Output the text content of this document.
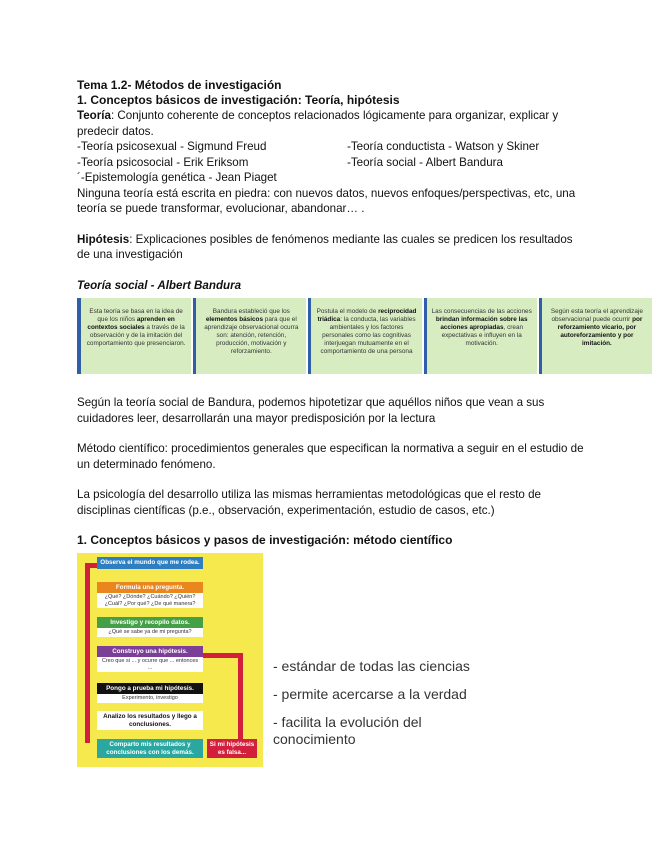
Tema 1.2- Métodos de investigación

1. Conceptos básicos de investigación: Teoría, hipótesis

Teoría: Conjunto coherente de conceptos relacionados lógicamente para organizar, explicar y predecir datos.

-Teoría psicosexual - Sigmund Freud

-Teoría psicosocial - Erik Eriksom

´-Epistemología genética - Jean Piaget

-Teoría conductista - Watson y Skiner

-Teoría social - Albert Bandura

Ninguna teoría está escrita en piedra: con nuevos datos, nuevos enfoques/perspectivas, etc, una teoría se puede transformar, evolucionar, abandonar… .

Hipótesis: Explicaciones posibles de fenómenos mediante las cuales se predicen los resultados de una investigación

Teoría social - Albert Bandura

Esta teoría se basa en la idea de que los niños aprenden en contextos sociales a través de la observación y de la imitación del comportamiento que presenciaron.
Bandura estableció que los elementos básicos para que el aprendizaje observacional ocurra son: atención, retención, producción, motivación y reforzamiento.
Postula el modelo de reciprocidad triádica: la conducta, las variables ambientales y los factores personales como las cognitivas interjuegan mutuamente en el comportamiento de una persona
Las consecuencias de las acciones brindan información sobre las acciones apropiadas, crean expectativas e influyen en la motivación.
Según esta teoría el aprendizaje observacional puede ocurrir por reforzamiento vicario, por autoreforzamiento y por imitación.

Según la teoría social de Bandura, podemos hipotetizar que aquéllos niños que vean a sus cuidadores leer, desarrollarán una mayor predisposición por la lectura

Método científico: procedimientos generales que especifican la normativa a seguir en el estudio de un determinado fenómeno.

La psicología del desarrollo utiliza las mismas herramientas metodológicas que el resto de disciplinas científicas (p.e., observación, experimentación, estudio de casos, etc.)

1. Conceptos básicos y pasos de investigación: método científico

Observa el mundo que me rodea.
Formula una pregunta.
¿Qué? ¿Dónde? ¿Cuándo? ¿Quién? ¿Cuál? ¿Por qué? ¿De qué manera?
Investigo y recopilo datos.
¿Qué se sabe ya de mi pregunta?
Construyo una hipótesis.
Creo que si ... y ocurre que ... entonces ...
Pongo a prueba mi hipótesis.
Experimento, investigo
Analizo los resultados y llego a conclusiones.
Comparto mis resultados y conclusiones con los demás.
Si mi hipótesis es falsa...

- estándar de todas las ciencias

- permite acercarse a la verdad

- facilita la evolución del conocimiento
